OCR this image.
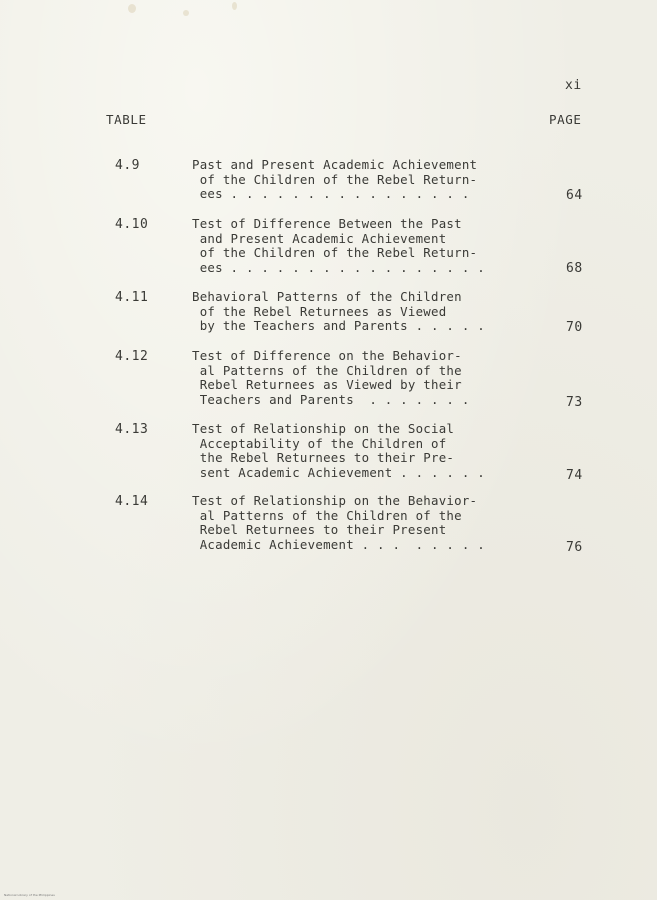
xi
TABLE	PAGE
4.9	Past and Present Academic Achievement
of the Children of the Rebel Return-
ees . . . . . . . . . . . . . . . .	64
4.10	Test of Difference Between the Past
and Present Academic Achievement
of the Children of the Rebel Return-
ees . . . . . . . . . . . . . . . . .	68
4.11	Behavioral Patterns of the Children
of the Rebel Returnees as Viewed
by the Teachers and Parents . . . . .	70
4.12	Test of Difference on the Behavior-
al Patterns of the Children of the
Rebel Returnees as Viewed by their
Teachers and Parents  . . . . . . .	73
4.13	Test of Relationship on the Social
Acceptability of the Children of
the Rebel Returnees to their Pre-
sent Academic Achievement . . . . . .	74
4.14	Test of Relationship on the Behavior-
al Patterns of the Children of the
Rebel Returnees to their Present
Academic Achievement . . .  . . . . .	76
National Library of the Philippines
